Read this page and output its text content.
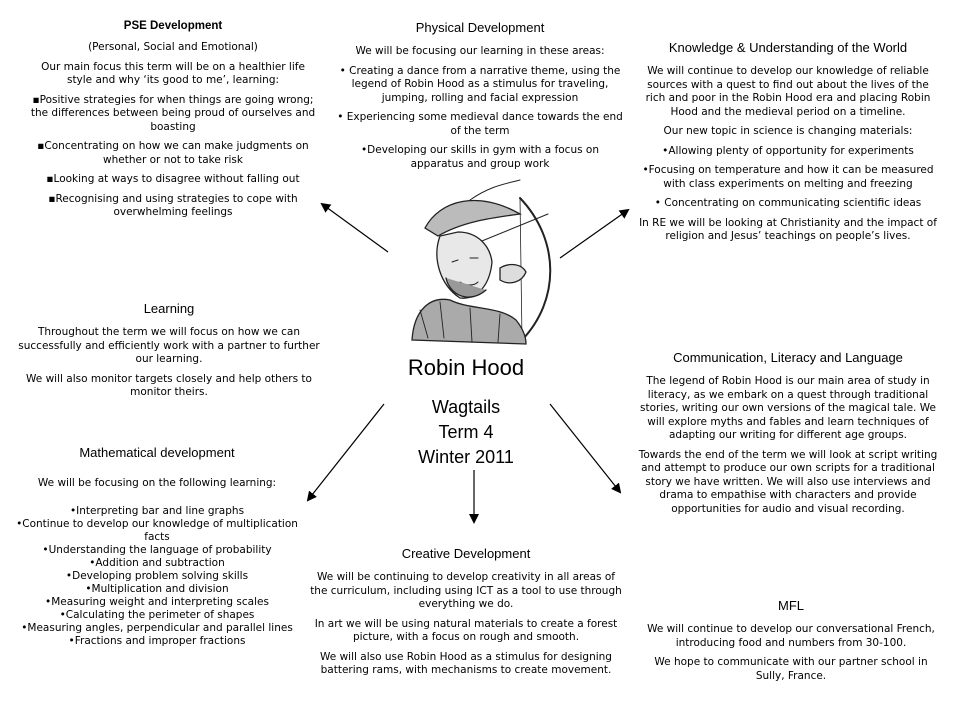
PSE Development

(Personal, Social and Emotional)

Our main focus this term will be on a healthier life style and why ‘its good to me’, learning:

▪Positive strategies for when things are going wrong; the differences between being proud of ourselves and boasting
▪Concentrating on how we can make judgments on whether or not to take risk
▪Looking at ways to disagree without falling out
▪Recognising and using strategies to cope with overwhelming feelings
Physical Development

We will be focusing our learning in these areas:

• Creating a dance from a narrative theme, using the legend of Robin Hood as a stimulus for traveling, jumping, rolling and facial expression
• Experiencing some medieval dance towards the end of the term
•Developing our skills in gym with a focus on apparatus and group work
Knowledge & Understanding of the World

We will continue to develop our knowledge of reliable sources with a quest to find out about the lives of the rich and poor in the Robin Hood era and placing Robin Hood and the medieval period on a timeline.

Our new topic in science is changing materials:

•Allowing plenty of opportunity for experiments

•Focusing on temperature and how it can be measured with class experiments on melting and freezing

• Concentrating on communicating scientific ideas

In RE we will be looking at Christianity and the impact of religion and Jesus’ teachings on people’s lives.

Learning

Throughout the term we will focus on how we can successfully and efficiently work with a partner to further our learning.

We will also monitor targets closely and help others to monitor theirs.

Communication, Literacy and Language

The legend of Robin Hood is our main area of study in literacy, as we embark on a quest through traditional stories, writing our own versions of the magical tale. We will explore myths and fables and learn techniques of adapting our writing for different age groups.

Towards the end of the term we will look at script writing and attempt to produce our own scripts for a traditional story we have written. We will also use interviews and drama to empathise with characters and provide opportunities for audio and visual recording.

Mathematical development

We will be focusing on the following learning:

•Interpreting bar and line graphs
•Continue to develop our knowledge of multiplication facts
•Understanding the language of probability
•Addition and subtraction
•Developing problem solving skills
•Multiplication and division
•Measuring weight and interpreting scales
•Calculating the perimeter of shapes
•Measuring angles, perpendicular and parallel lines
•Fractions and improper fractions
Creative Development

We will be continuing to develop creativity in all areas of the curriculum, including using ICT as a tool to use through everything we do.

In art we will be using natural materials to create a forest picture, with a focus on rough and smooth.

We will also use Robin Hood as a stimulus for designing battering rams, with mechanisms to create movement.

MFL

We will continue to develop our conversational French, introducing food and numbers from 30-100.

We hope to communicate with our partner school in Sully, France.

Robin Hood
Wagtails
Term 4
Winter 2011
